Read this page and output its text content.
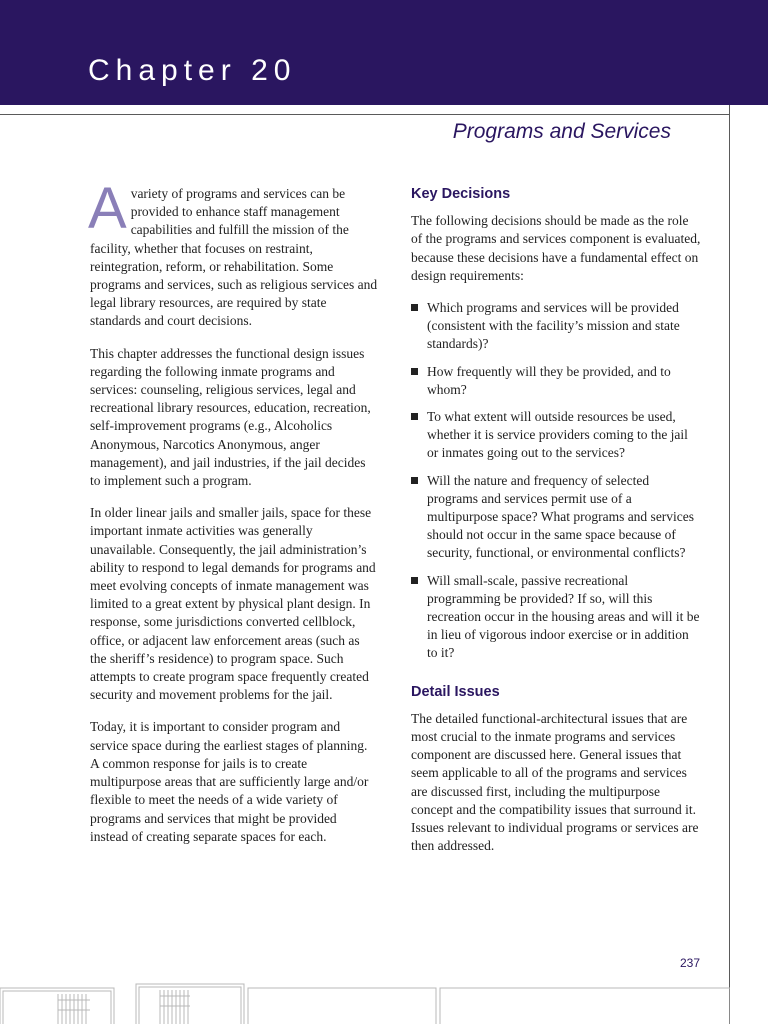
Chapter 20
Programs and Services

Avariety of programs and services can be provided to enhance staff management capabilities and fulfill the mission of the facility, whether that focuses on restraint, reintegration, reform, or rehabilitation. Some programs and services, such as religious services and legal library resources, are required by state standards and court decisions.

This chapter addresses the functional design issues regarding the following inmate programs and services: counseling, religious services, legal and recreational library resources, education, recreation, self-improvement programs (e.g., Alcoholics Anonymous, Narcotics Anonymous, anger management), and jail industries, if the jail decides to implement such a program.

In older linear jails and smaller jails, space for these important inmate activities was generally unavailable. Consequently, the jail administration’s ability to respond to legal demands for programs and meet evolving concepts of inmate management was limited to a great extent by physical plant design. In response, some jurisdictions converted cellblock, office, or adjacent law enforcement areas (such as the sheriff’s residence) to program space. Such attempts to create program space frequently created security and movement problems for the jail.

Today, it is important to consider program and service space during the earliest stages of planning. A common response for jails is to create multipurpose areas that are sufficiently large and/or flexible to meet the needs of a wide variety of programs and services that might be provided instead of creating separate spaces for each.

Key Decisions

The following decisions should be made as the role of the programs and services component is evaluated, because these decisions have a fundamental effect on design requirements:

Which programs and services will be provided (consistent with the facility’s mission and state standards)?
How frequently will they be provided, and to whom?
To what extent will outside resources be used, whether it is service providers coming to the jail or inmates going out to the services?
Will the nature and frequency of selected programs and services permit use of a multipurpose space? What programs and services should not occur in the same space because of security, functional, or environmental conflicts?
Will small-scale, passive recreational programming be provided? If so, will this recreation occur in the housing areas and will it be in lieu of vigorous indoor exercise or in addition to it?
Detail Issues

The detailed functional-architectural issues that are most crucial to the inmate programs and services component are discussed here. General issues that seem applicable to all of the programs and services are discussed first, including the multipurpose concept and the compatibility issues that surround it. Issues relevant to individual programs or services are then addressed.

237
